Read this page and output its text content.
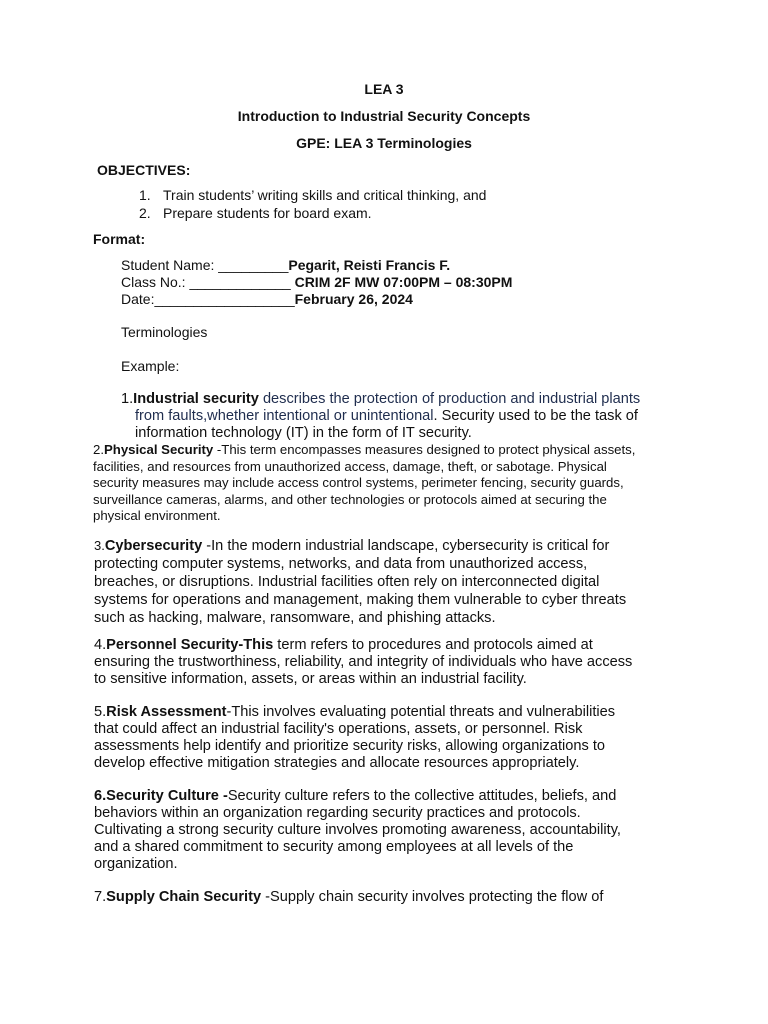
LEA 3
Introduction to Industrial Security Concepts
GPE: LEA 3 Terminologies
OBJECTIVES:
1. Train students’ writing skills and critical thinking, and
2. Prepare students for board exam.
Format:
Student Name: _________Pegarit, Reisti Francis F.
Class No.: _____________ CRIM 2F MW 07:00PM – 08:30PM
Date:__________________February 26, 2024
Terminologies
Example:
1.Industrial security describes the protection of production and industrial plants
from faults,whether intentional or unintentional. Security used to be the task of
information technology (IT) in the form of IT security.
2.Physical Security -This term encompasses measures designed to protect physical assets,
facilities, and resources from unauthorized access, damage, theft, or sabotage. Physical
security measures may include access control systems, perimeter fencing, security guards,
surveillance cameras, alarms, and other technologies or protocols aimed at securing the
physical environment.
3.Cybersecurity -In the modern industrial landscape, cybersecurity is critical for
protecting computer systems, networks, and data from unauthorized access,
breaches, or disruptions. Industrial facilities often rely on interconnected digital
systems for operations and management, making them vulnerable to cyber threats
such as hacking, malware, ransomware, and phishing attacks.
4.Personnel Security-This term refers to procedures and protocols aimed at
ensuring the trustworthiness, reliability, and integrity of individuals who have access
to sensitive information, assets, or areas within an industrial facility.
5.Risk Assessment-This involves evaluating potential threats and vulnerabilities
that could affect an industrial facility's operations, assets, or personnel. Risk
assessments help identify and prioritize security risks, allowing organizations to
develop effective mitigation strategies and allocate resources appropriately.
6.Security Culture -Security culture refers to the collective attitudes, beliefs, and
behaviors within an organization regarding security practices and protocols.
Cultivating a strong security culture involves promoting awareness, accountability,
and a shared commitment to security among employees at all levels of the
organization.
7.Supply Chain Security -Supply chain security involves protecting the flow of
